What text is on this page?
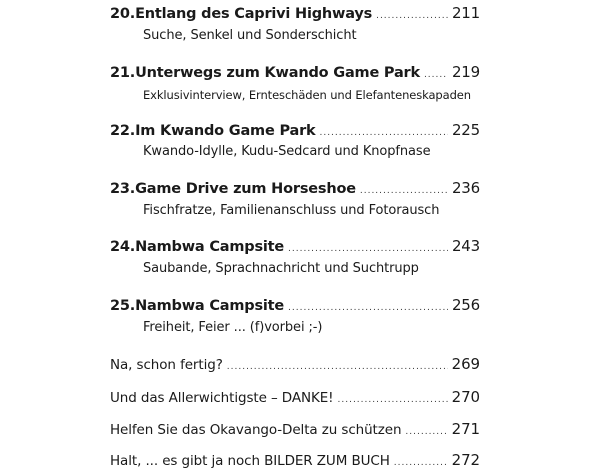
20. Entlang des Caprivi Highways .....	211
Suche, Senkel und Sonderschicht
21. Unterwegs zum Kwando Game Park ..... 219
Exklusivinterview, Ernteschäden und Elefanteneskapaden
22. Im Kwando Game Park .....	225
Kwando-Idylle, Kudu-Sedcard und Knopfnase
23. Game Drive zum Horseshoe .....	236
Fischfratze, Familienanschluss und Fotorausch
24. Nambwa Campsite .....	243
Saubande, Sprachnachricht und Suchtrupp
25. Nambwa Campsite .....	256
Freiheit, Feier ... (f)vorbei ;-)
Na, schon fertig? .....	269
Und das Allerwichtigste – DANKE! .....	270
Helfen Sie das Okavango-Delta zu schützen .....	271
Halt, ... es gibt ja noch BILDER ZUM BUCH .....	272
